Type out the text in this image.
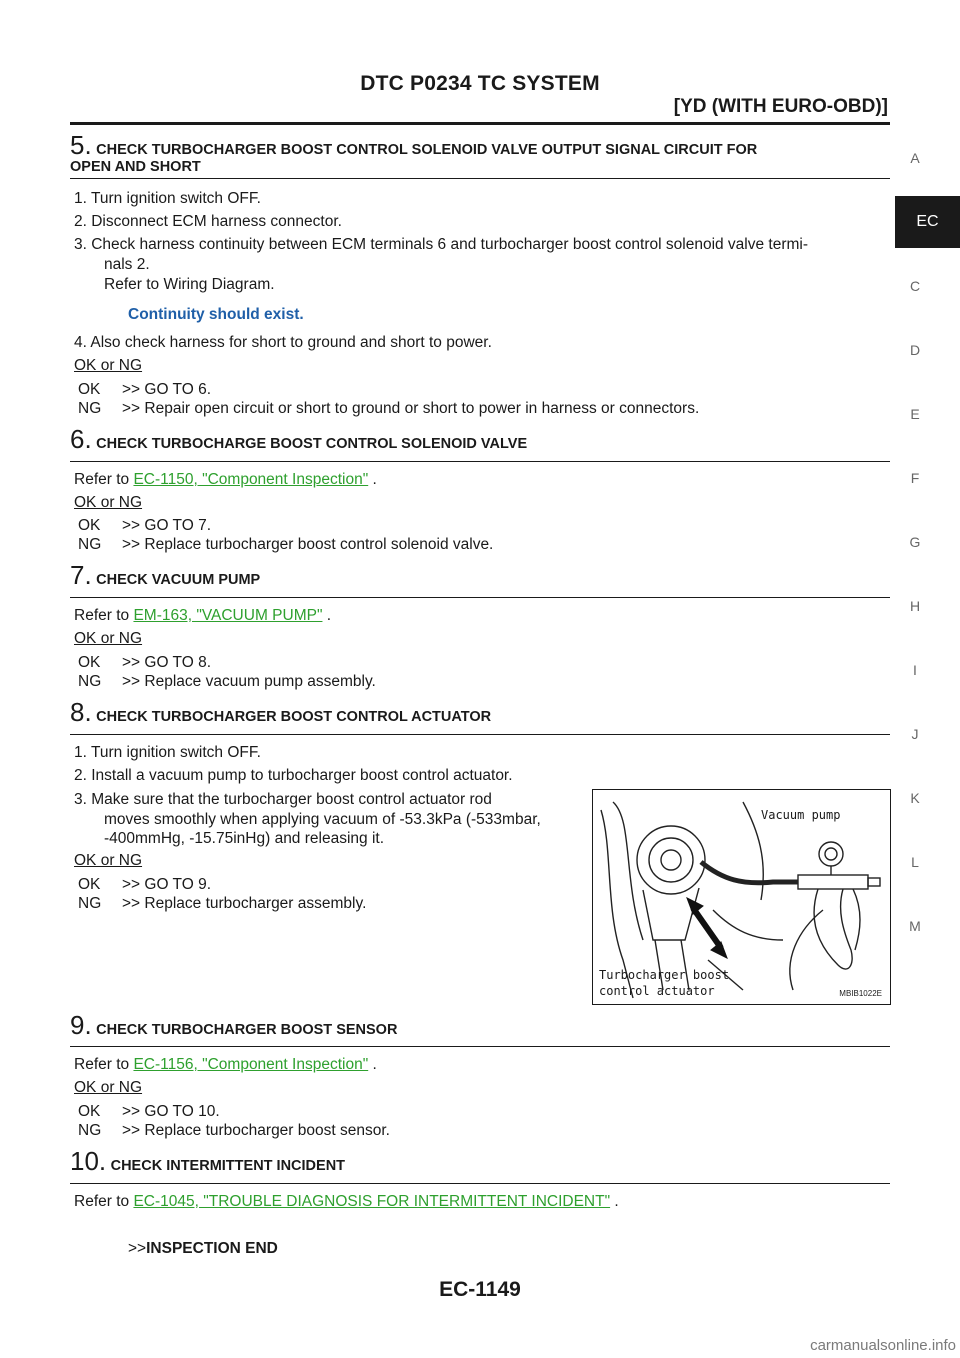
DTC P0234 TC SYSTEM
[YD (WITH EURO-OBD)]
A
EC
C
D
E
F
G
H
I
J
K
L
M
5. CHECK TURBOCHARGER BOOST CONTROL SOLENOID VALVE OUTPUT SIGNAL CIRCUIT FOR
OPEN AND SHORT
1. Turn ignition switch OFF.
2. Disconnect ECM harness connector.
3. Check harness continuity between ECM terminals 6 and turbocharger boost control solenoid valve termi-
nals 2.
Refer to Wiring Diagram.
Continuity should exist.
4. Also check harness for short to ground and short to power.
OK or NG
OK >> GO TO 6.
NG >> Repair open circuit or short to ground or short to power in harness or connectors.
6. CHECK TURBOCHARGE BOOST CONTROL SOLENOID VALVE
Refer to EC-1150, "Component Inspection" .
OK or NG
OK >> GO TO 7.
NG >> Replace turbocharger boost control solenoid valve.
7. CHECK VACUUM PUMP
Refer to EM-163, "VACUUM PUMP" .
OK or NG
OK >> GO TO 8.
NG >> Replace vacuum pump assembly.
8. CHECK TURBOCHARGER BOOST CONTROL ACTUATOR
1. Turn ignition switch OFF.
2. Install a vacuum pump to turbocharger boost control actuator.
3. Make sure that the turbocharger boost control actuator rod
moves smoothly when applying vacuum of -53.3kPa (-533mbar,
-400mmHg, -15.75inHg) and releasing it.
OK or NG
OK >> GO TO 9.
NG >> Replace turbocharger assembly.
Vacuum pump
Turbocharger boost
control actuator	MBIB1022E
9. CHECK TURBOCHARGER BOOST SENSOR
Refer to EC-1156, "Component Inspection" .
OK or NG
OK >> GO TO 10.
NG >> Replace turbocharger boost sensor.
10. CHECK INTERMITTENT INCIDENT
Refer to EC-1045, "TROUBLE DIAGNOSIS FOR INTERMITTENT INCIDENT" .
>>INSPECTION END
EC-1149
carmanualsonline.info
